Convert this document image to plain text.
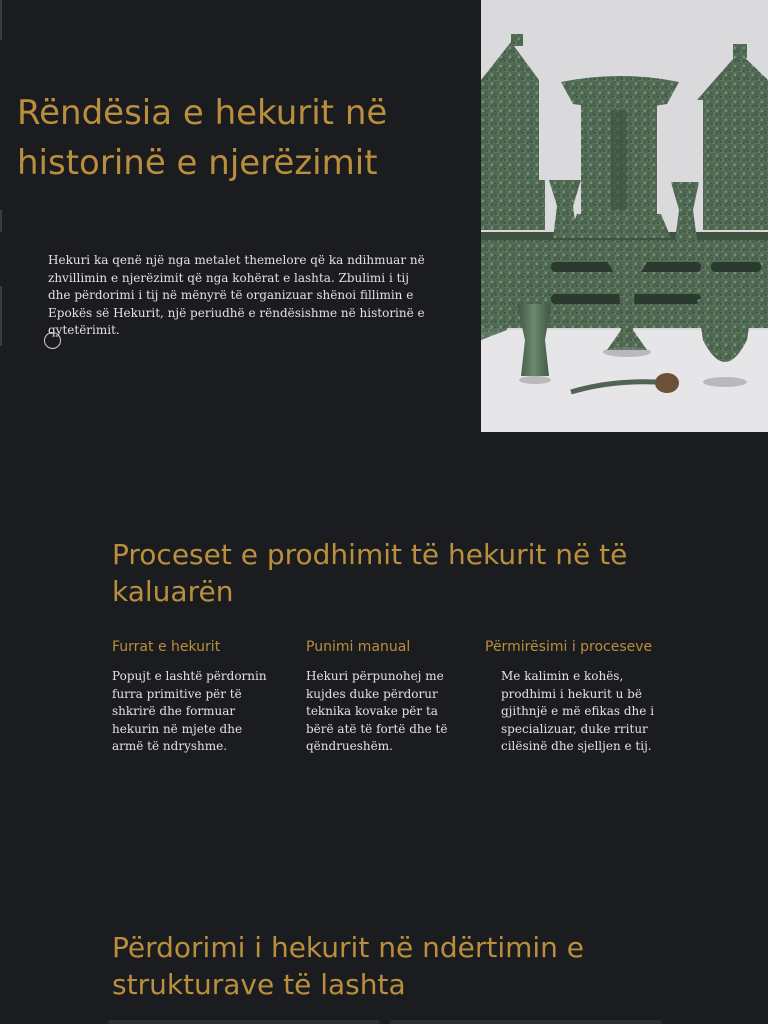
Rëndësia e hekurit në historinë e njerëzimit

Hekuri ka qenë një nga metalet themelore që ka ndihmuar në zhvillimin e njerëzimit që nga kohërat e lashta. Zbulimi i tij dhe përdorimi i tij në mënyrë të organizuar shënoi fillimin e Epokës së Hekurit, një periudhë e rëndësishme në historinë e qytetërimit.

Proceset e prodhimit të hekurit në të kaluarën
Furrat e hekurit

Popujt e lashtë përdornin furra primitive për të shkrirë dhe formuar hekurin në mjete dhe armë të ndryshme.

Punimi manual

Hekuri përpunohej me kujdes duke përdorur teknika kovake për ta bërë atë të fortë dhe të qëndrueshëm.

Përmirësimi i proceseve

Me kalimin e kohës, prodhimi i hekurit u bë gjithnjë e më efikas dhe i specializuar, duke rritur cilësinë dhe sjelljen e tij.

Përdorimi i hekurit në ndërtimin e strukturave të lashta
